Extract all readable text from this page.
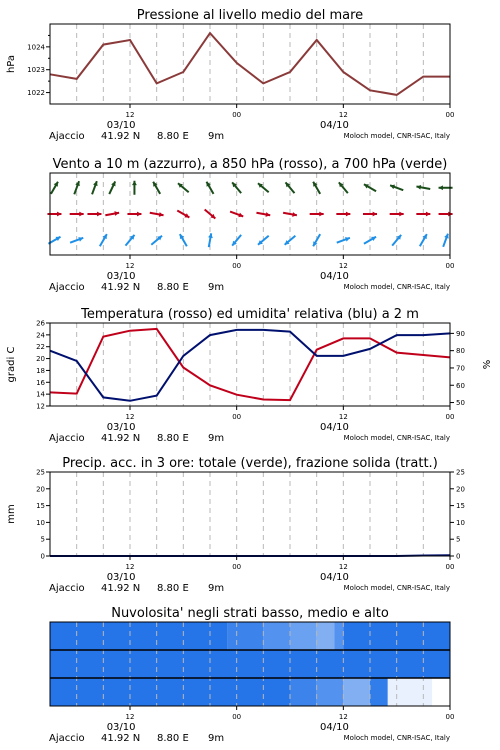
Pressione al livello medio del mare
1022
1023
1024
hPa
12	00	12	00
03/10	04/10
Ajaccio 41.92 N 8.80 E 9m	Moloch model, CNR-ISAC, Italy
Vento a 10 m (azzurro), a 850 hPa (rosso), a 700 hPa (verde)
12	00	12	00
03/10	04/10
Ajaccio 41.92 N 8.80 E 9m	Moloch model, CNR-ISAC, Italy
Temperatura (rosso) ed umidita' relativa (blu) a 2 m
12
14
16
18
20
22
24
26
gradi C
50
60
70
80
90
%
12	00	12	00
03/10	04/10
Ajaccio 41.92 N 8.80 E 9m	Moloch model, CNR-ISAC, Italy
Precip. acc. in 3 ore: totale (verde), frazione solida (tratt.)
0
5
10
15
20
25
mm
0
5
10
15
20
25
12	00	12	00
03/10	04/10
Ajaccio 41.92 N 8.80 E 9m	Moloch model, CNR-ISAC, Italy
Nuvolosita' negli strati basso, medio e alto
12	00	12	00
03/10	04/10
Ajaccio 41.92 N 8.80 E 9m	Moloch model, CNR-ISAC, Italy
